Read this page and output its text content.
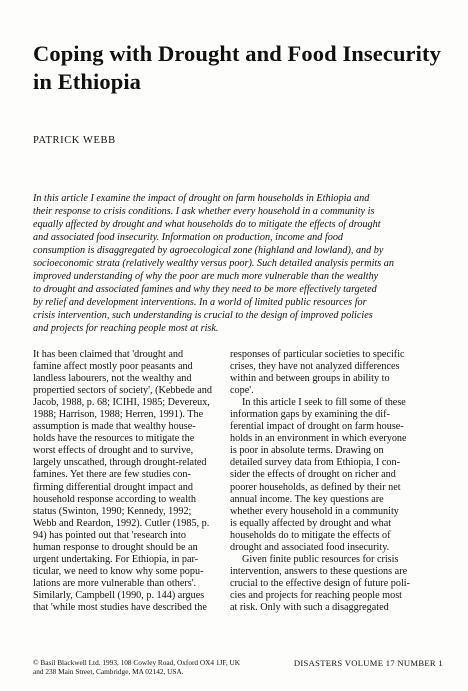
Coping with Drought and Food Insecurity
in Ethiopia

PATRICK WEBB

In this article I examine the impact of drought on farm households in Ethiopia and
their response to crisis conditions. I ask whether every household in a community is
equally affected by drought and what households do to mitigate the effects of drought
and associated food insecurity. Information on production, income and food
consumption is disaggregated by agroecological zone (highland and lowland), and by
socioeconomic strata (relatively wealthy versus poor). Such detailed analysis permits an
improved understanding of why the poor are much more vulnerable than the wealthy
to drought and associated famines and why they need to be more effectively targeted
by relief and development interventions. In a world of limited public resources for
crisis intervention, such understanding is crucial to the design of improved policies
and projects for reaching people most at risk.
It has been claimed that 'drought and
famine affect mostly poor peasants and
landless labourers, not the wealthy and
propertied sectors of society', (Kebbede and
Jacob, 1988, p. 68; ICIHI, 1985; Devereux,
1988; Harrison, 1988; Herren, 1991). The
assumption is made that wealthy house-
holds have the resources to mitigate the
worst effects of drought and to survive,
largely unscathed, through drought-related
famines. Yet there are few studies con-
firming differential drought impact and
household response according to wealth
status (Swinton, 1990; Kennedy, 1992;
Webb and Reardon, 1992). Cutler (1985, p.
94) has pointed out that 'research into
human response to drought should be an
urgent undertaking. For Ethiopia, in par-
ticular, we need to know why some popu-
lations are more vulnerable than others'.
Similarly, Campbell (1990, p. 144) argues
that 'while most studies have described the
responses of particular societies to specific
crises, they have not analyzed differences
within and between groups in ability to
cope'.
In this article I seek to fill some of these
information gaps by examining the dif-
ferential impact of drought on farm house-
holds in an environment in which everyone
is poor in absolute terms. Drawing on
detailed survey data from Ethiopia, I con-
sider the effects of drought on richer and
poorer households, as defined by their net
annual income. The key questions are
whether every household in a community
is equally affected by drought and what
households do to mitigate the effects of
drought and associated food insecurity.
Given finite public resources for crisis
intervention, answers to these questions are
crucial to the effective design of future poli-
cies and projects for reaching people most
at risk. Only with such a disaggregated
© Basil Blackwell Ltd. 1993, 108 Cowley Road, Oxford OX4 1JF, UK
and 238 Main Street, Cambridge, MA 02142, USA.
DISASTERS VOLUME 17 NUMBER 1
